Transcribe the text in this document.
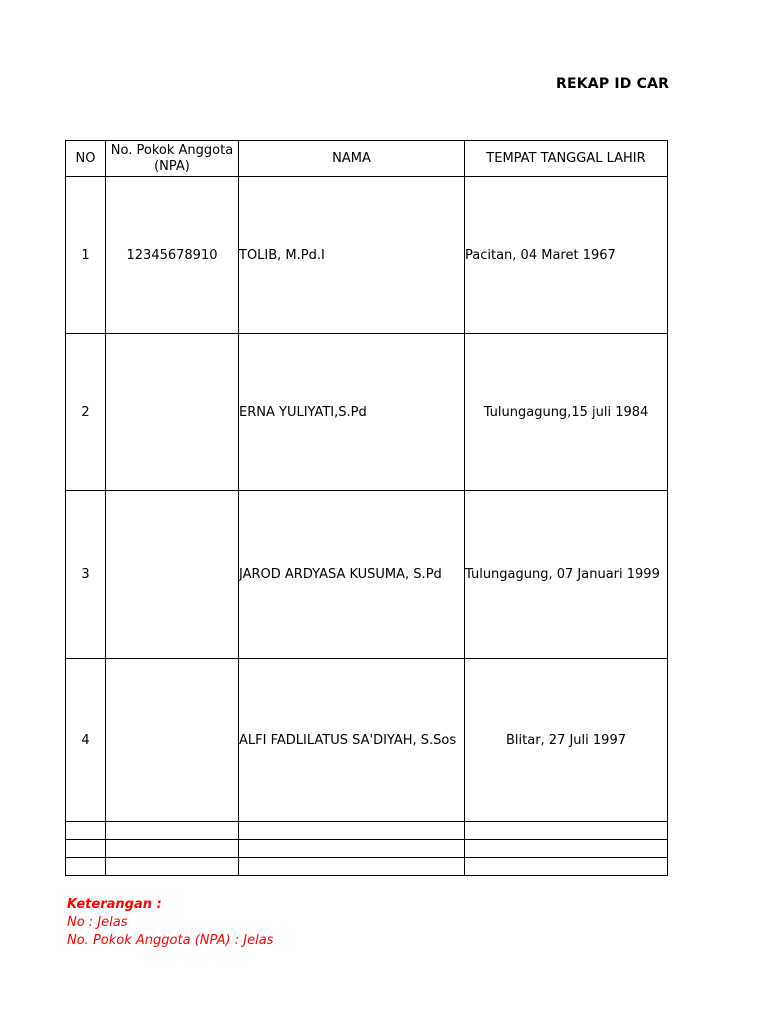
REKAP ID CAR
NO	No. Pokok Anggota (NPA)	NAMA	TEMPAT TANGGAL LAHIR
1	12345678910	TOLIB, M.Pd.I	Pacitan, 04 Maret 1967
2		ERNA YULIYATI,S.Pd	Tulungagung,15 juli 1984
3		JAROD ARDYASA KUSUMA, S.Pd	Tulungagung, 07 Januari 1999
4		ALFI FADLILATUS SA'DIYAH, S.Sos	Blitar, 27 Juli 1997

Keterangan :
No : Jelas
No. Pokok Anggota (NPA) : Jelas
